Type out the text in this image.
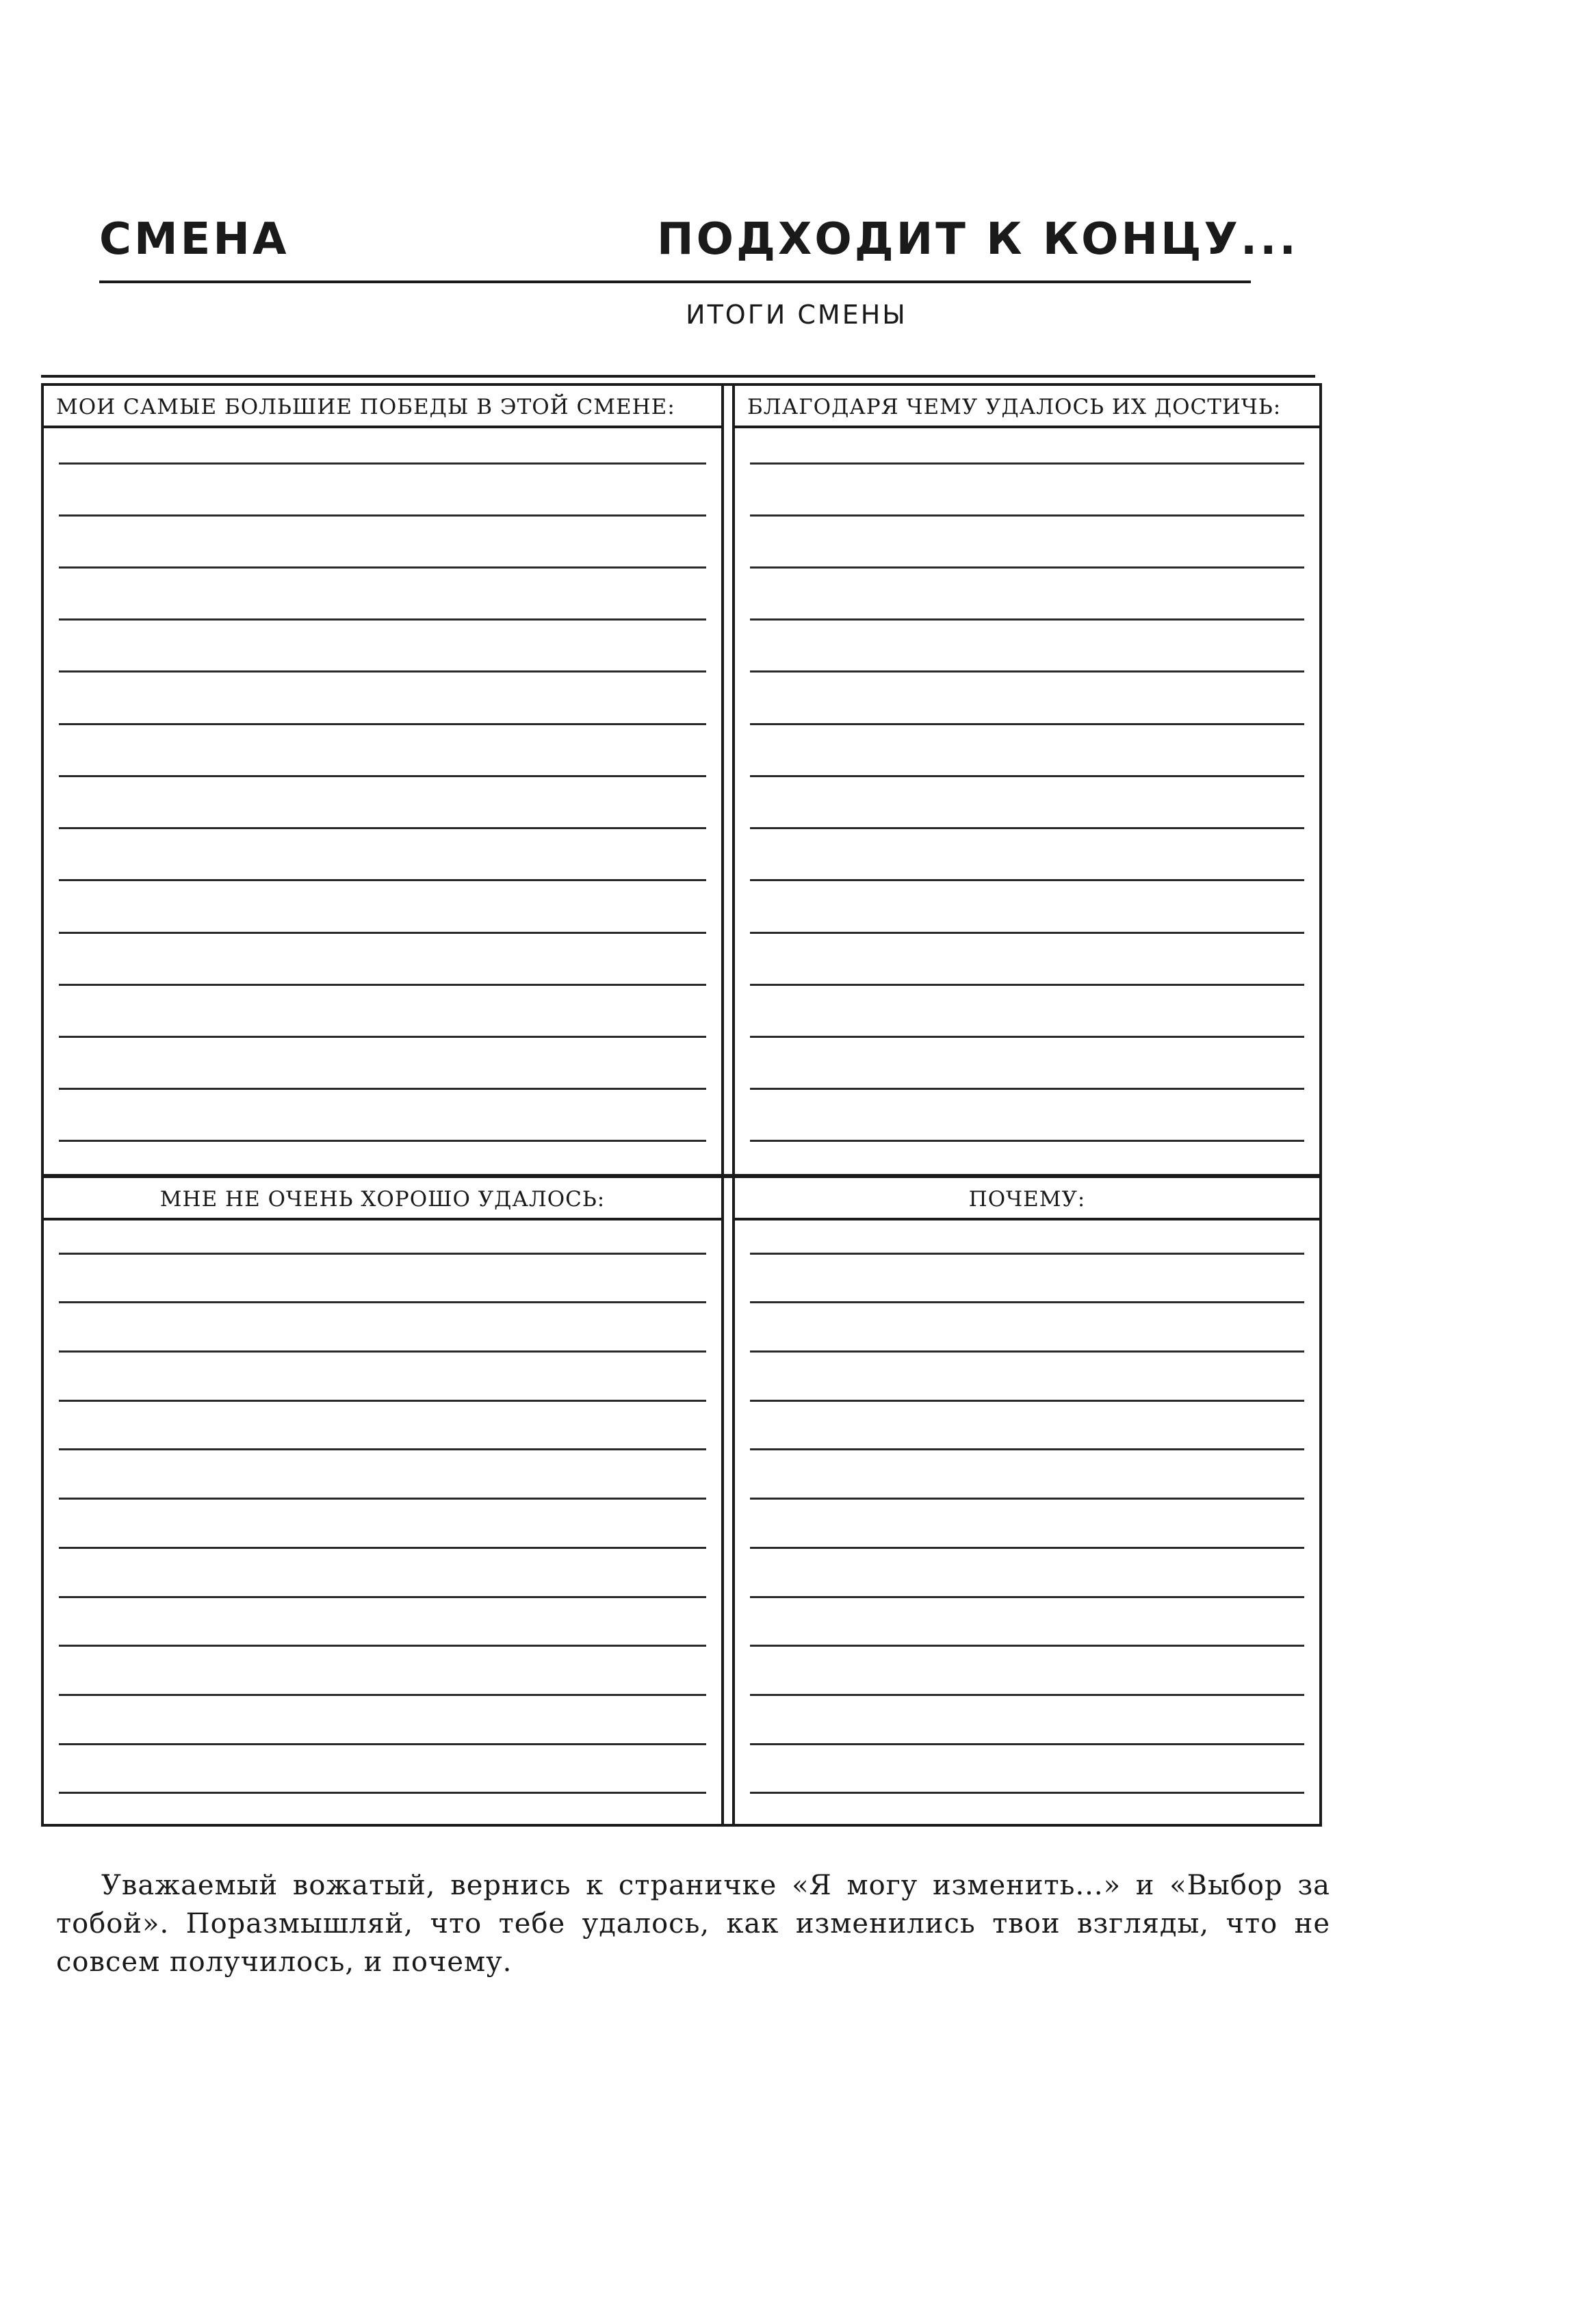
СМЕНА	ПОДХОДИТ К КОНЦУ...
ИТОГИ СМЕНЫ
МОИ САМЫЕ БОЛЬШИЕ ПОБЕДЫ В ЭТОЙ СМЕНЕ:	БЛАГОДАРЯ ЧЕМУ УДАЛОСЬ ИХ ДОСТИЧЬ:
МНЕ НЕ ОЧЕНЬ ХОРОШО УДАЛОСЬ:	ПОЧЕМУ:
Уважаемый вожатый, вернись к страничке «Я могу изменить...» и «Выбор за тобой». Поразмышляй, что тебе удалось, как изменились твои взгляды, что не совсем получилось, и почему.
